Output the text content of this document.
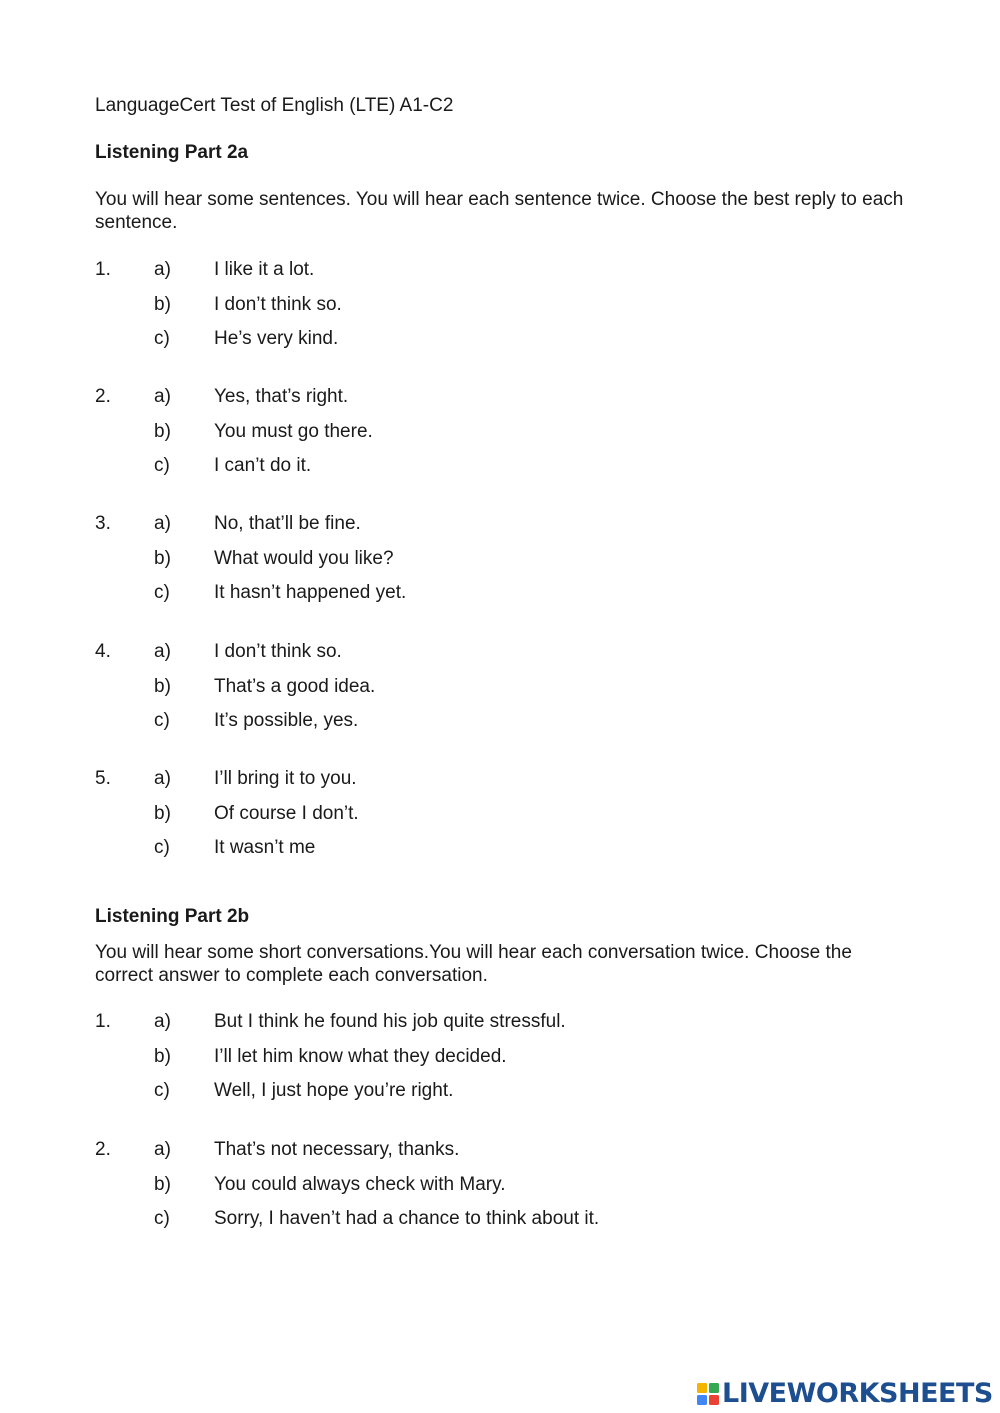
LanguageCert Test of English (LTE) A1-C2
Listening Part 2a
You will hear some sentences. You will hear each sentence twice. Choose the best reply to each sentence.
1. a) I like it a lot.
b) I don’t think so.
c) He’s very kind.
2. a) Yes, that’s right.
b) You must go there.
c) I can’t do it.
3. a) No, that’ll be fine.
b) What would you like?
c) It hasn’t happened yet.
4. a) I don’t think so.
b) That’s a good idea.
c) It’s possible, yes.
5. a) I’ll bring it to you.
b) Of course I don’t.
c) It wasn’t me
Listening Part 2b
You will hear some short conversations.You will hear each conversation twice. Choose the correct answer to complete each conversation.
1. a) But I think he found his job quite stressful.
b) I’ll let him know what they decided.
c) Well, I just hope you’re right.
2. a) That’s not necessary, thanks.
b) You could always check with Mary.
c) Sorry, I haven’t had a chance to think about it.
LIVEWORKSHEETS
